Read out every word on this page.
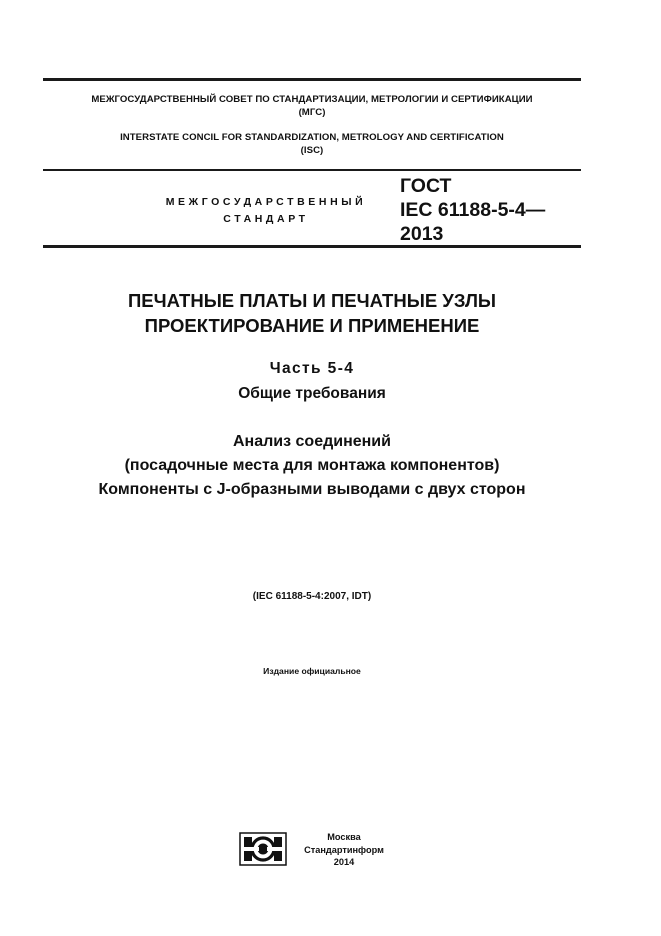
МЕЖГОСУДАРСТВЕННЫЙ СОВЕТ ПО СТАНДАРТИЗАЦИИ, МЕТРОЛОГИИ И СЕРТИФИКАЦИИ
(МГС)
INTERSTATE CONCIL FOR STANDARDIZATION, METROLOGY AND CERTIFICATION
(ISC)
МЕЖГОСУДАРСТВЕННЫЙ
СТАНДАРТ
ГОСТ
IEC 61188-5-4—
2013
ПЕЧАТНЫЕ ПЛАТЫ И ПЕЧАТНЫЕ УЗЛЫ
ПРОЕКТИРОВАНИЕ И ПРИМЕНЕНИЕ
Часть 5-4
Общие требования
Анализ соединений
(посадочные места для монтажа компонентов)
Компоненты с J-образными выводами с двух сторон
(IEC 61188-5-4:2007, IDT)
Издание официальное
Москва
Стандартинформ
2014
